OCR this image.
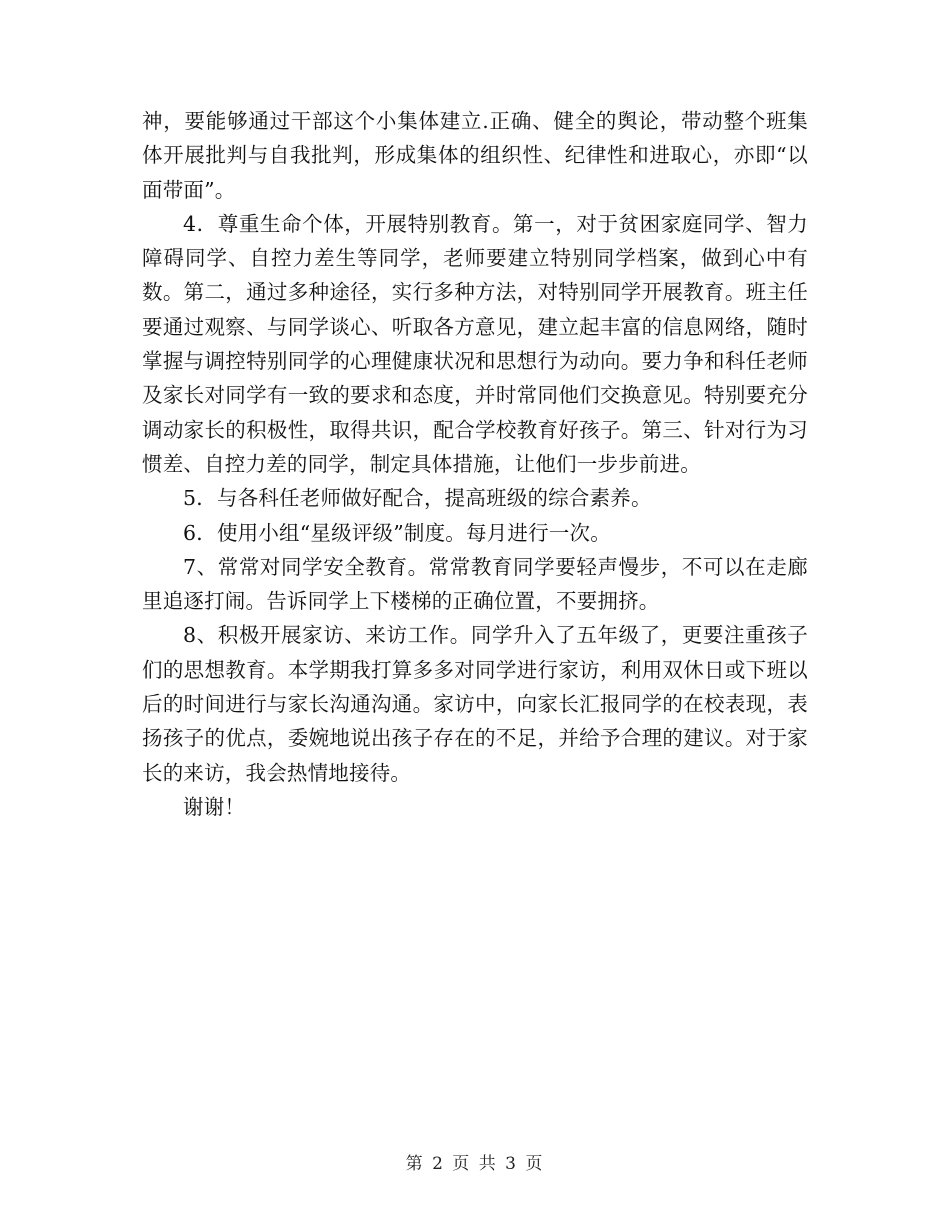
神，要能够通过干部这个小集体建立.正确、健全的舆论，带动整个班集体开展批判与自我批判，形成集体的组织性、纪律性和进取心，亦即“以面带面”。

4．尊重生命个体，开展特别教育。第一，对于贫困家庭同学、智力障碍同学、自控力差生等同学，老师要建立特别同学档案，做到心中有数。第二，通过多种途径，实行多种方法，对特别同学开展教育。班主任要通过观察、与同学谈心、听取各方意见，建立起丰富的信息网络，随时掌握与调控特别同学的心理健康状况和思想行为动向。要力争和科任老师及家长对同学有一致的要求和态度，并时常同他们交换意见。特别要充分调动家长的积极性，取得共识，配合学校教育好孩子。第三、针对行为习惯差、自控力差的同学，制定具体措施，让他们一步步前进。

5．与各科任老师做好配合，提高班级的综合素养。

6．使用小组“星级评级”制度。每月进行一次。

7、常常对同学安全教育。常常教育同学要轻声慢步，不可以在走廊里追逐打闹。告诉同学上下楼梯的正确位置，不要拥挤。

8、积极开展家访、来访工作。同学升入了五年级了，更要注重孩子们的思想教育。本学期我打算多多对同学进行家访，利用双休日或下班以后的时间进行与家长沟通沟通。家访中，向家长汇报同学的在校表现，表扬孩子的优点，委婉地说出孩子存在的不足，并给予合理的建议。对于家长的来访，我会热情地接待。

谢谢！

第 2 页 共 3 页
